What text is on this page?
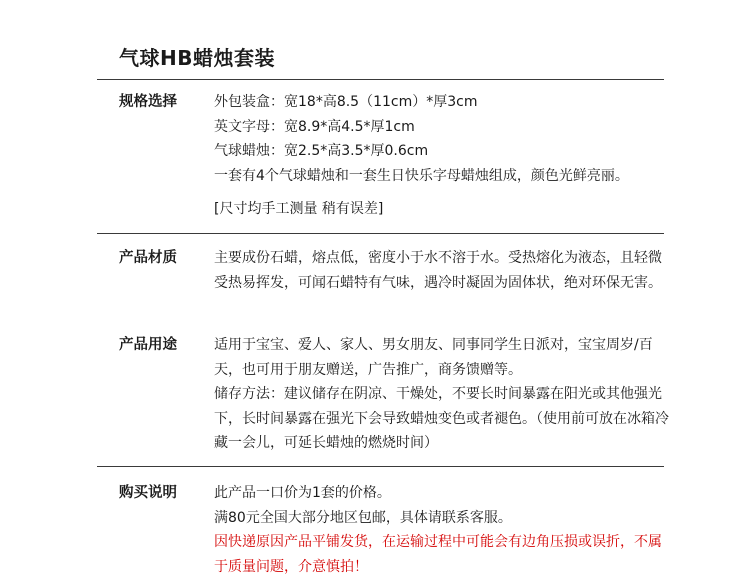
气球HB蜡烛套装
规格选择	外包装盒：宽18*高8.5（11cm）*厚3cm
英文字母：宽8.9*高4.5*厚1cm
气球蜡烛：宽2.5*高3.5*厚0.6cm
一套有4个气球蜡烛和一套生日快乐字母蜡烛组成，颜色光鲜亮丽。
[尺寸均手工测量 稍有误差]
产品材质	主要成份石蜡，熔点低，密度小于水不溶于水。受热熔化为液态，且轻微受热易挥发，可闻石蜡特有气味，遇冷时凝固为固体状，绝对环保无害。
产品用途	适用于宝宝、爱人、家人、男女朋友、同事同学生日派对，宝宝周岁/百天，也可用于朋友赠送，广告推广，商务馈赠等。
储存方法：建议储存在阴凉、干燥处，不要长时间暴露在阳光或其他强光下，长时间暴露在强光下会导致蜡烛变色或者褪色。（使用前可放在冰箱冷藏一会儿，可延长蜡烛的燃烧时间）
购买说明	此产品一口价为1套的价格。
满80元全国大部分地区包邮，具体请联系客服。
因快递原因产品平铺发货，在运输过程中可能会有边角压损或误折，不属于质量问题，介意慎拍！
